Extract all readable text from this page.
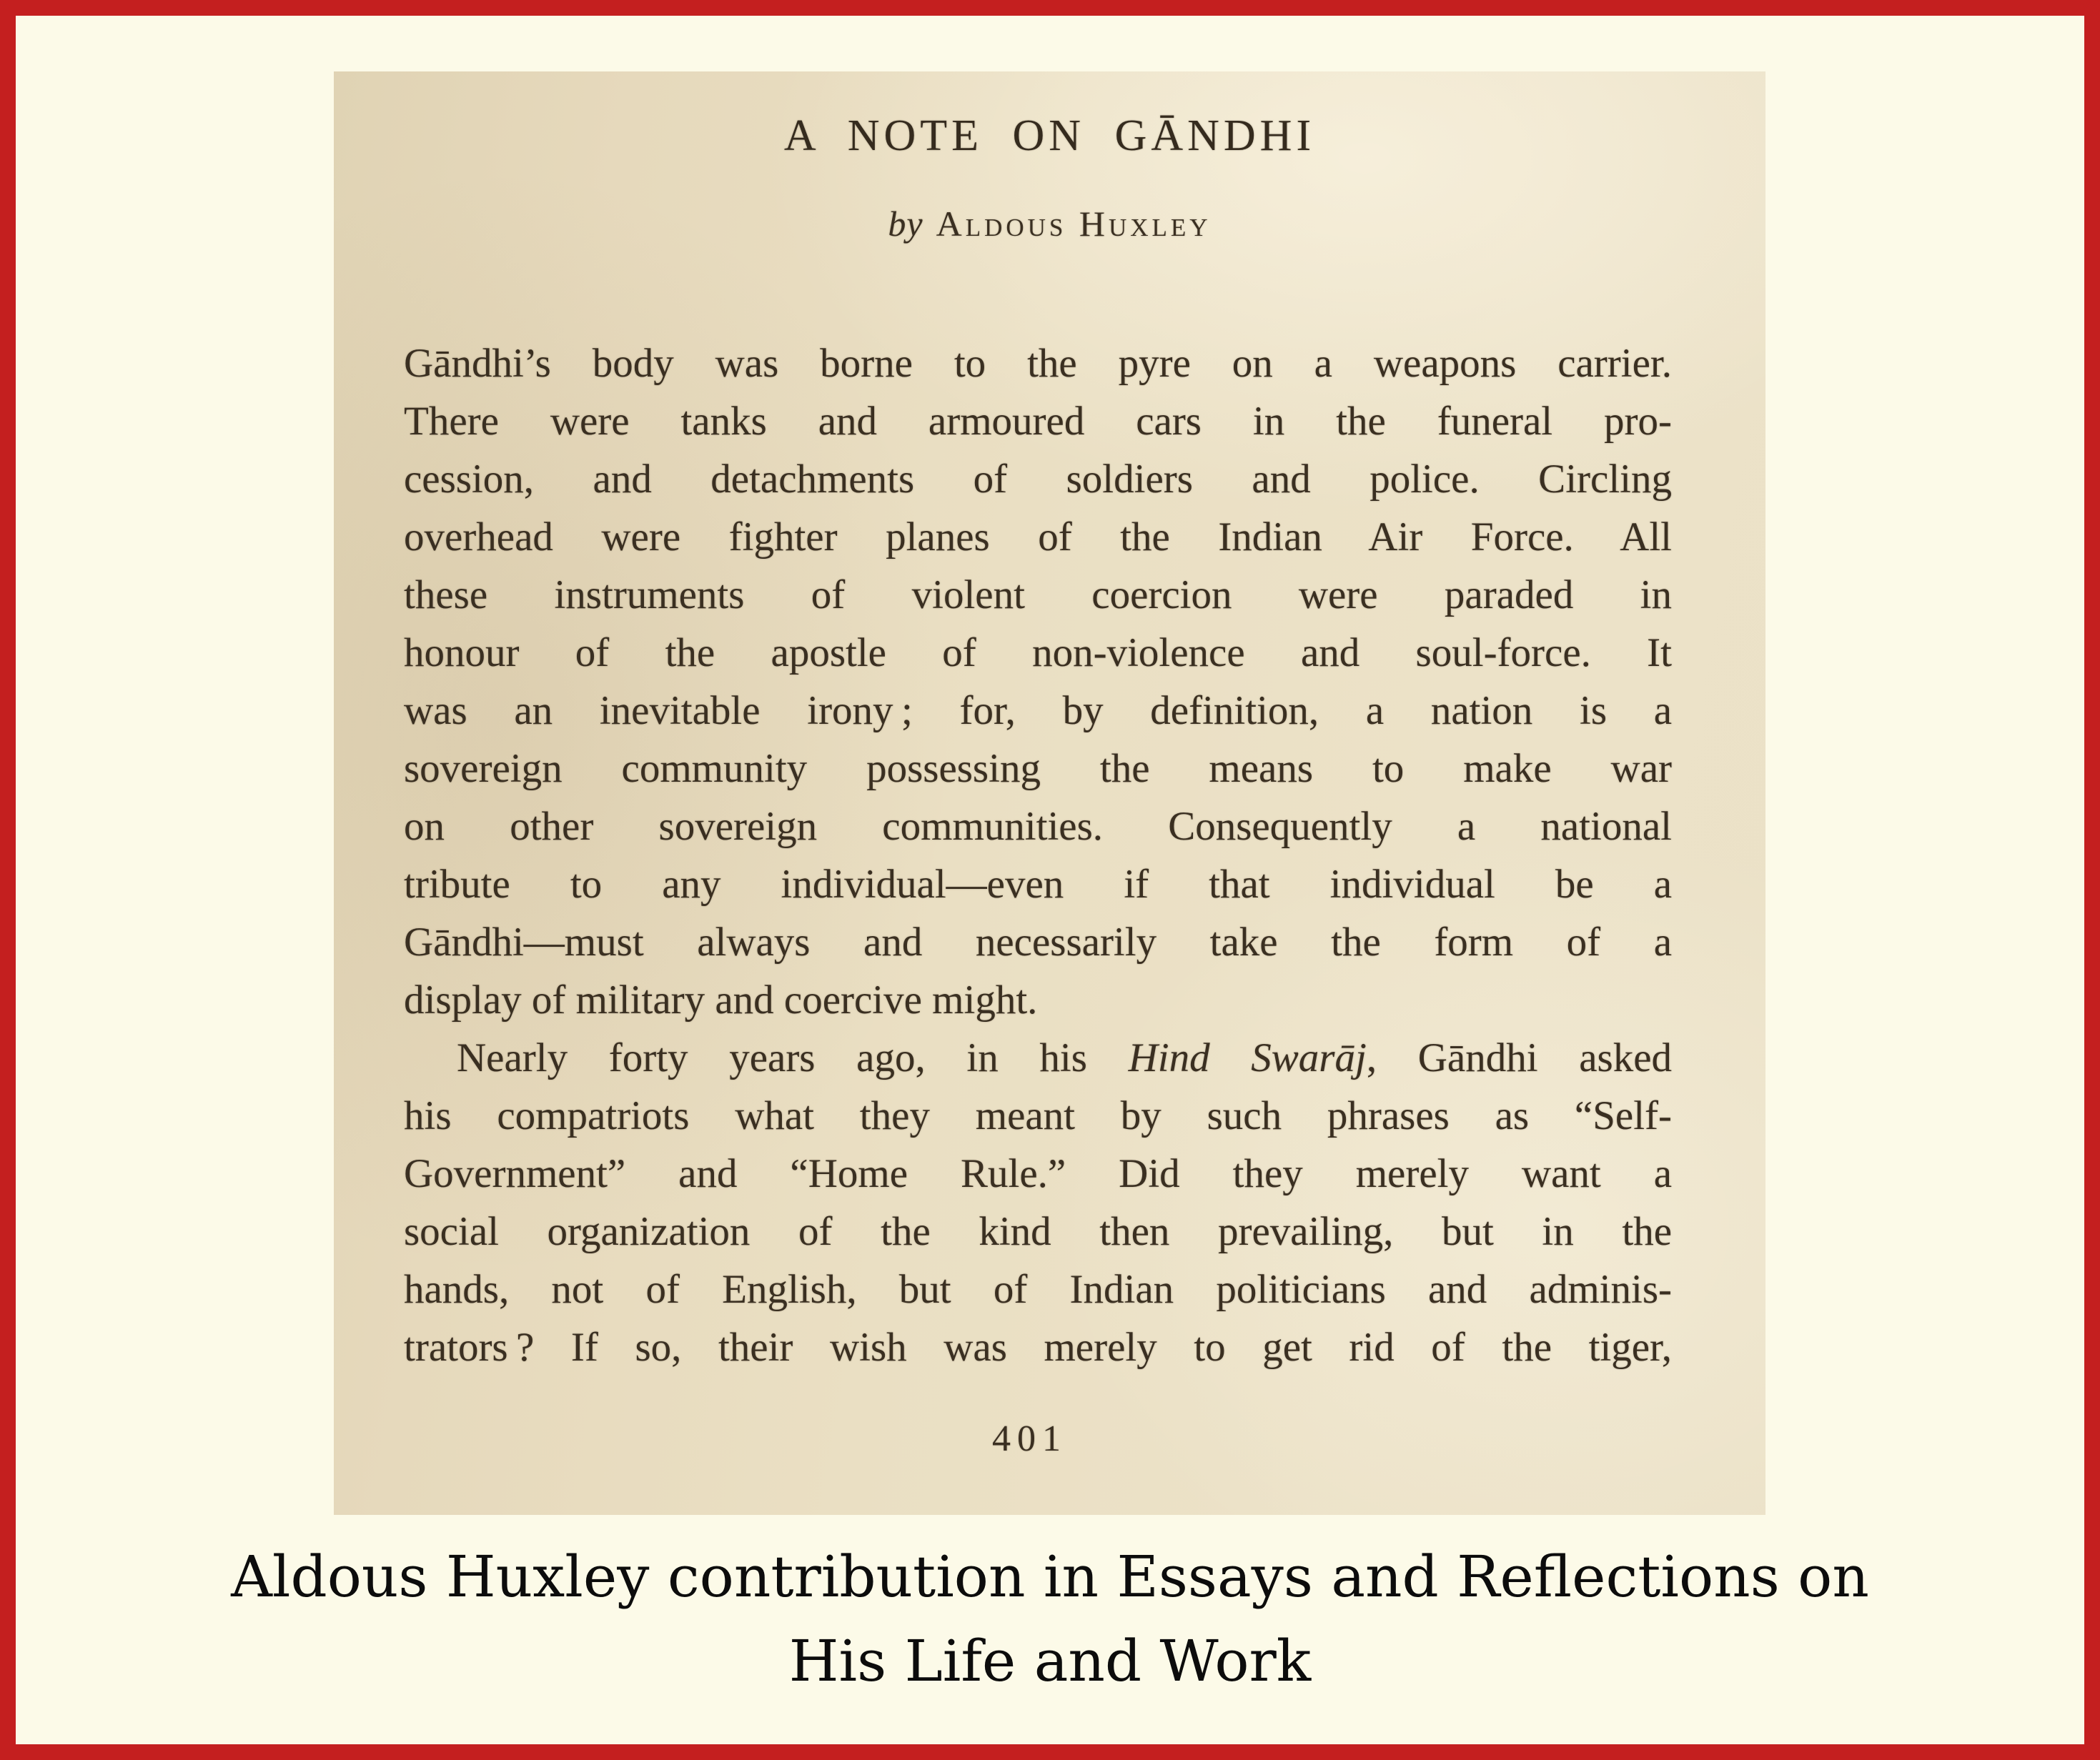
A NOTE ON GĀNDHI
by Aldous Huxley
Gāndhi’s body was borne to the pyre on a weapons carrier.
There were tanks and armoured cars in the funeral pro-
cession, and detachments of soldiers and police. Circling
overhead were fighter planes of the Indian Air Force. All
these instruments of violent coercion were paraded in
honour of the apostle of non-violence and soul-force. It
was an inevitable irony ; for, by definition, a nation is a
sovereign community possessing the means to make war
on other sovereign communities. Consequently a national
tribute to any individual—even if that individual be a
Gāndhi—must always and necessarily take the form of a
display of military and coercive might.
Nearly forty years ago, in his Hind Swarāj, Gāndhi asked
his compatriots what they meant by such phrases as “Self-
Government” and “Home Rule.” Did they merely want a
social organization of the kind then prevailing, but in the
hands, not of English, but of Indian politicians and adminis-
trators ? If so, their wish was merely to get rid of the tiger,
401
Aldous Huxley contribution in Essays and Reflections on
His Life and Work
